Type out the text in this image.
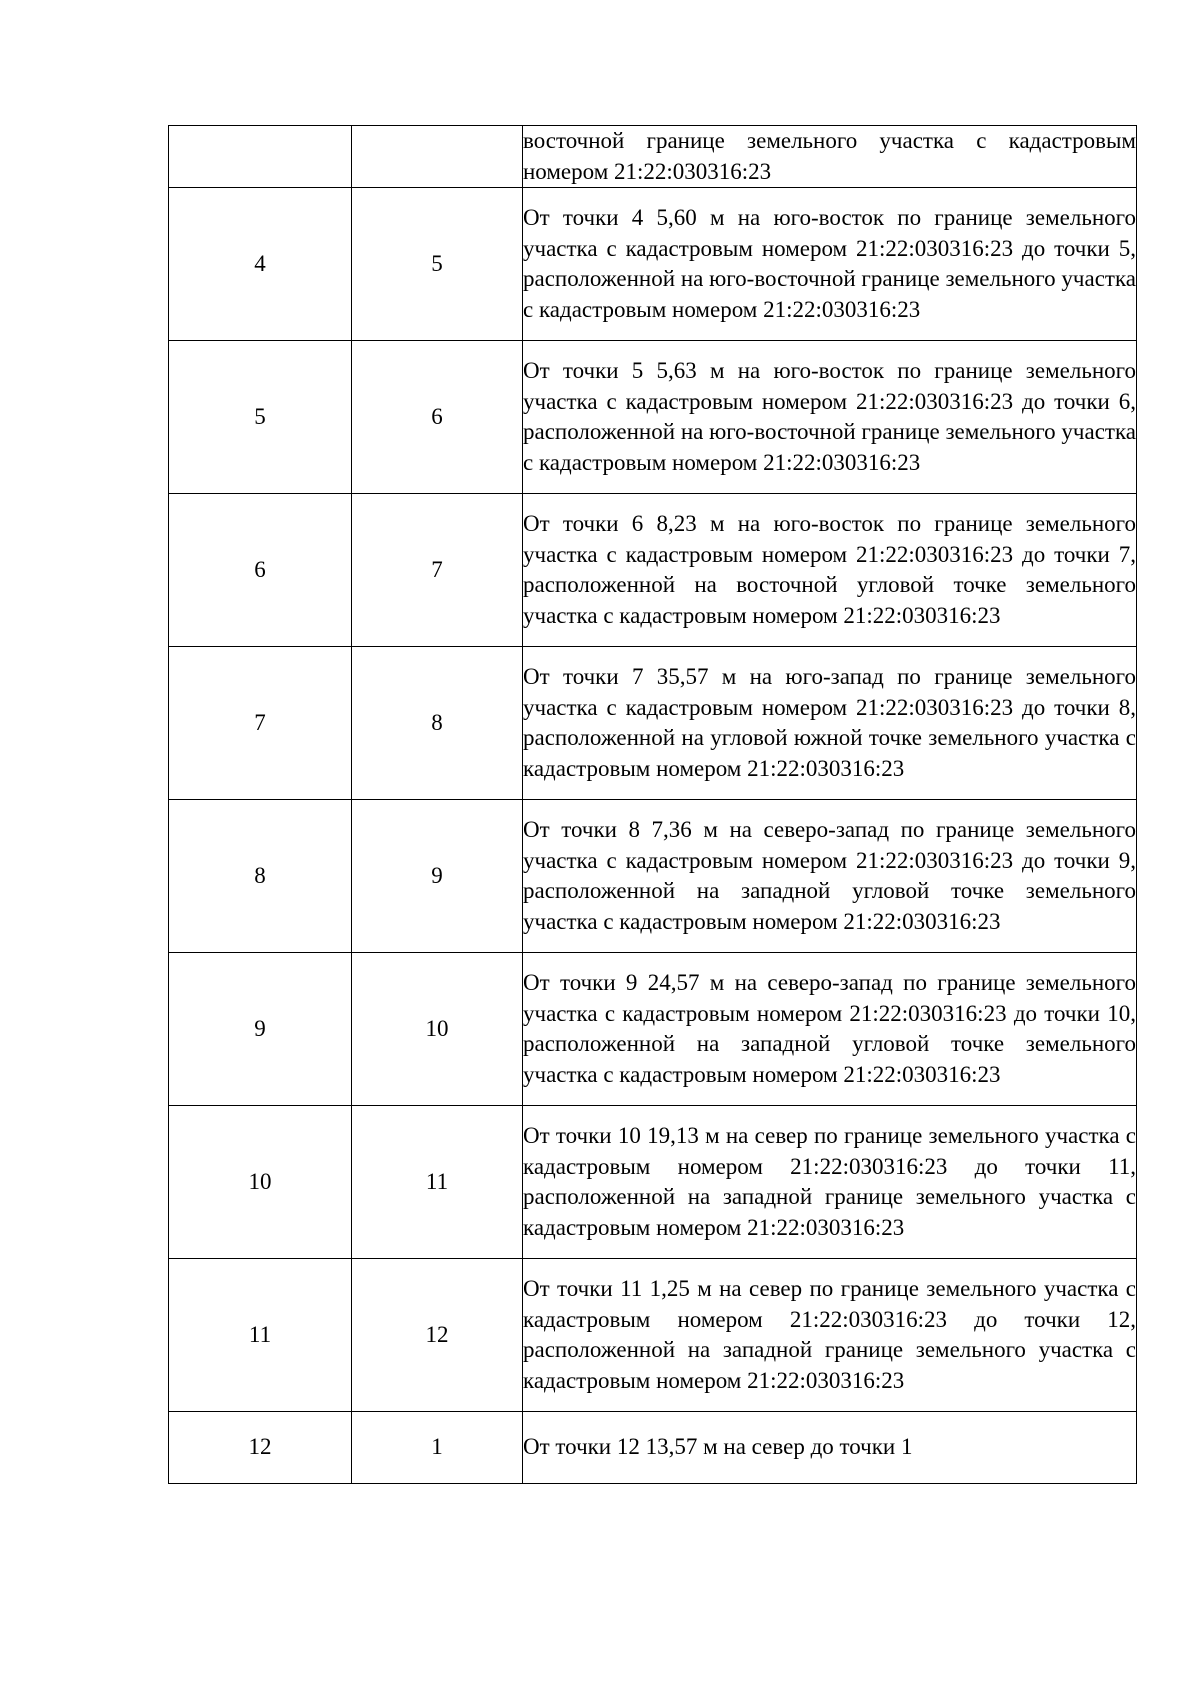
		восточной границе земельного участка с кадастровым номером 21:22:030316:23
4	5	От точки 4 5,60 м на юго-восток по границе земельного участка с кадастровым номером 21:22:030316:23 до точки 5, расположенной на юго-восточной границе земельного участка с кадастровым номером 21:22:030316:23
5	6	От точки 5 5,63 м на юго-восток по границе земельного участка с кадастровым номером 21:22:030316:23 до точки 6, расположенной на юго-восточной границе земельного участка с кадастровым номером 21:22:030316:23
6	7	От точки 6 8,23 м на юго-восток по границе земельного участка с кадастровым номером 21:22:030316:23 до точки 7, расположенной на восточной угловой точке земельного участка с кадастровым номером 21:22:030316:23
7	8	От точки 7 35,57 м на юго-запад по границе земельного участка с кадастровым номером 21:22:030316:23 до точки 8, расположенной на угловой южной точке земельного участка с кадастровым номером 21:22:030316:23
8	9	От точки 8 7,36 м на северо-запад по границе земельного участка с кадастровым номером 21:22:030316:23 до точки 9, расположенной на западной угловой точке земельного участка с кадастровым номером 21:22:030316:23
9	10	От точки 9 24,57 м на северо-запад по границе земельного участка с кадастровым номером 21:22:030316:23 до точки 10, расположенной на западной угловой точке земельного участка с кадастровым номером 21:22:030316:23
10	11	От точки 10 19,13 м на север по границе земельного участка с кадастровым номером 21:22:030316:23 до точки 11, расположенной на западной границе земельного участка с кадастровым номером 21:22:030316:23
11	12	От точки 11 1,25 м на север по границе земельного участка с кадастровым номером 21:22:030316:23 до точки 12, расположенной на западной границе земельного участка с кадастровым номером 21:22:030316:23
12	1	От точки 12 13,57 м на север до точки 1
